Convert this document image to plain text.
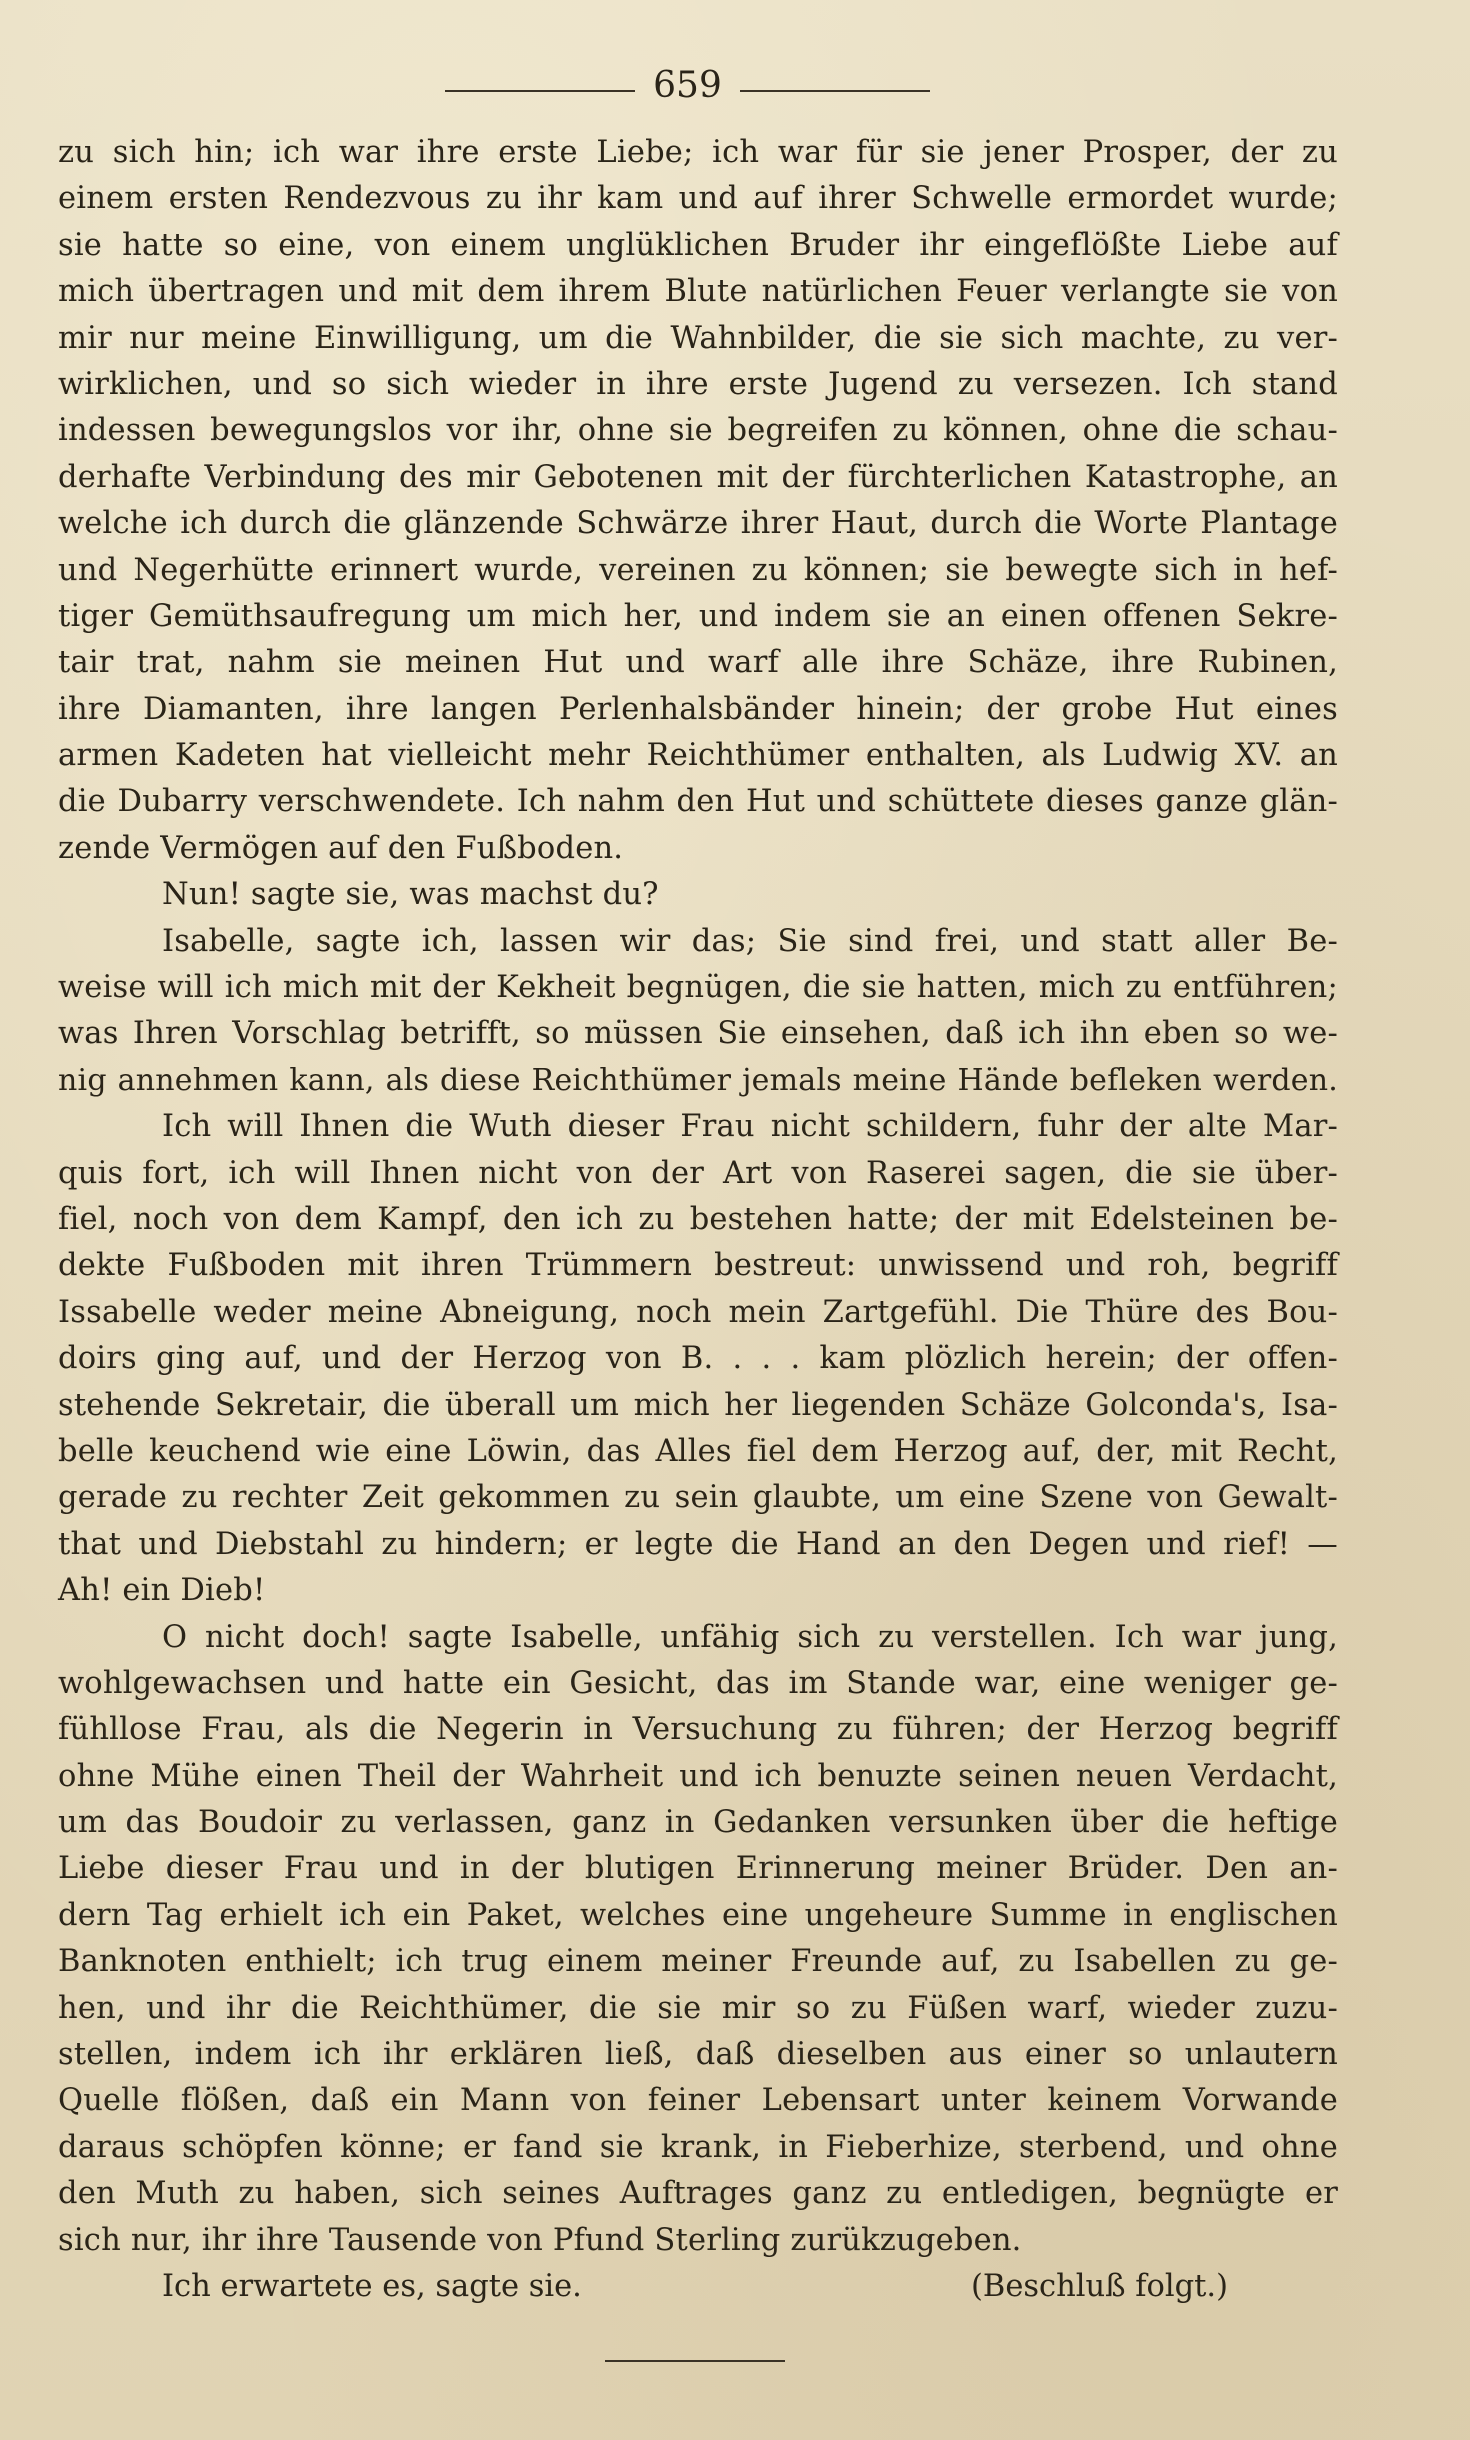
659
zu sich hin; ich war ihre erste Liebe; ich war für sie jener Prosper, der zu
einem ersten Rendezvous zu ihr kam und auf ihrer Schwelle ermordet wurde;
sie hatte so eine, von einem unglüklichen Bruder ihr eingeflößte Liebe auf
mich übertragen und mit dem ihrem Blute natürlichen Feuer verlangte sie von
mir nur meine Einwilligung, um die Wahnbilder, die sie sich machte, zu ver-
wirklichen, und so sich wieder in ihre erste Jugend zu versezen. Ich stand
indessen bewegungslos vor ihr, ohne sie begreifen zu können, ohne die schau-
derhafte Verbindung des mir Gebotenen mit der fürchterlichen Katastrophe, an
welche ich durch die glänzende Schwärze ihrer Haut, durch die Worte Plantage
und Negerhütte erinnert wurde, vereinen zu können; sie bewegte sich in hef-
tiger Gemüthsaufregung um mich her, und indem sie an einen offenen Sekre-
tair trat, nahm sie meinen Hut und warf alle ihre Schäze, ihre Rubinen,
ihre Diamanten, ihre langen Perlenhalsbänder hinein; der grobe Hut eines
armen Kadeten hat vielleicht mehr Reichthümer enthalten, als Ludwig XV. an
die Dubarry verschwendete. Ich nahm den Hut und schüttete dieses ganze glän-
zende Vermögen auf den Fußboden.
Nun! sagte sie, was machst du?
Isabelle, sagte ich, lassen wir das; Sie sind frei, und statt aller Be-
weise will ich mich mit der Kekheit begnügen, die sie hatten, mich zu entführen;
was Ihren Vorschlag betrifft, so müssen Sie einsehen, daß ich ihn eben so we-
nig annehmen kann, als diese Reichthümer jemals meine Hände befleken werden.
Ich will Ihnen die Wuth dieser Frau nicht schildern, fuhr der alte Mar-
quis fort, ich will Ihnen nicht von der Art von Raserei sagen, die sie über-
fiel, noch von dem Kampf, den ich zu bestehen hatte; der mit Edelsteinen be-
dekte Fußboden mit ihren Trümmern bestreut: unwissend und roh, begriff
Issabelle weder meine Abneigung, noch mein Zartgefühl. Die Thüre des Bou-
doirs ging auf, und der Herzog von B. . . . kam plözlich herein; der offen-
stehende Sekretair, die überall um mich her liegenden Schäze Golconda's, Isa-
belle keuchend wie eine Löwin, das Alles fiel dem Herzog auf, der, mit Recht,
gerade zu rechter Zeit gekommen zu sein glaubte, um eine Szene von Gewalt-
that und Diebstahl zu hindern; er legte die Hand an den Degen und rief! —
Ah! ein Dieb!
O nicht doch! sagte Isabelle, unfähig sich zu verstellen. Ich war jung,
wohlgewachsen und hatte ein Gesicht, das im Stande war, eine weniger ge-
fühllose Frau, als die Negerin in Versuchung zu führen; der Herzog begriff
ohne Mühe einen Theil der Wahrheit und ich benuzte seinen neuen Verdacht,
um das Boudoir zu verlassen, ganz in Gedanken versunken über die heftige
Liebe dieser Frau und in der blutigen Erinnerung meiner Brüder. Den an-
dern Tag erhielt ich ein Paket, welches eine ungeheure Summe in englischen
Banknoten enthielt; ich trug einem meiner Freunde auf, zu Isabellen zu ge-
hen, und ihr die Reichthümer, die sie mir so zu Füßen warf, wieder zuzu-
stellen, indem ich ihr erklären ließ, daß dieselben aus einer so unlautern
Quelle flößen, daß ein Mann von feiner Lebensart unter keinem Vorwande
daraus schöpfen könne; er fand sie krank, in Fieberhize, sterbend, und ohne
den Muth zu haben, sich seines Auftrages ganz zu entledigen, begnügte er
sich nur, ihr ihre Tausende von Pfund Sterling zurükzugeben.
Ich erwartete es, sagte sie.	(Beschluß folgt.)
